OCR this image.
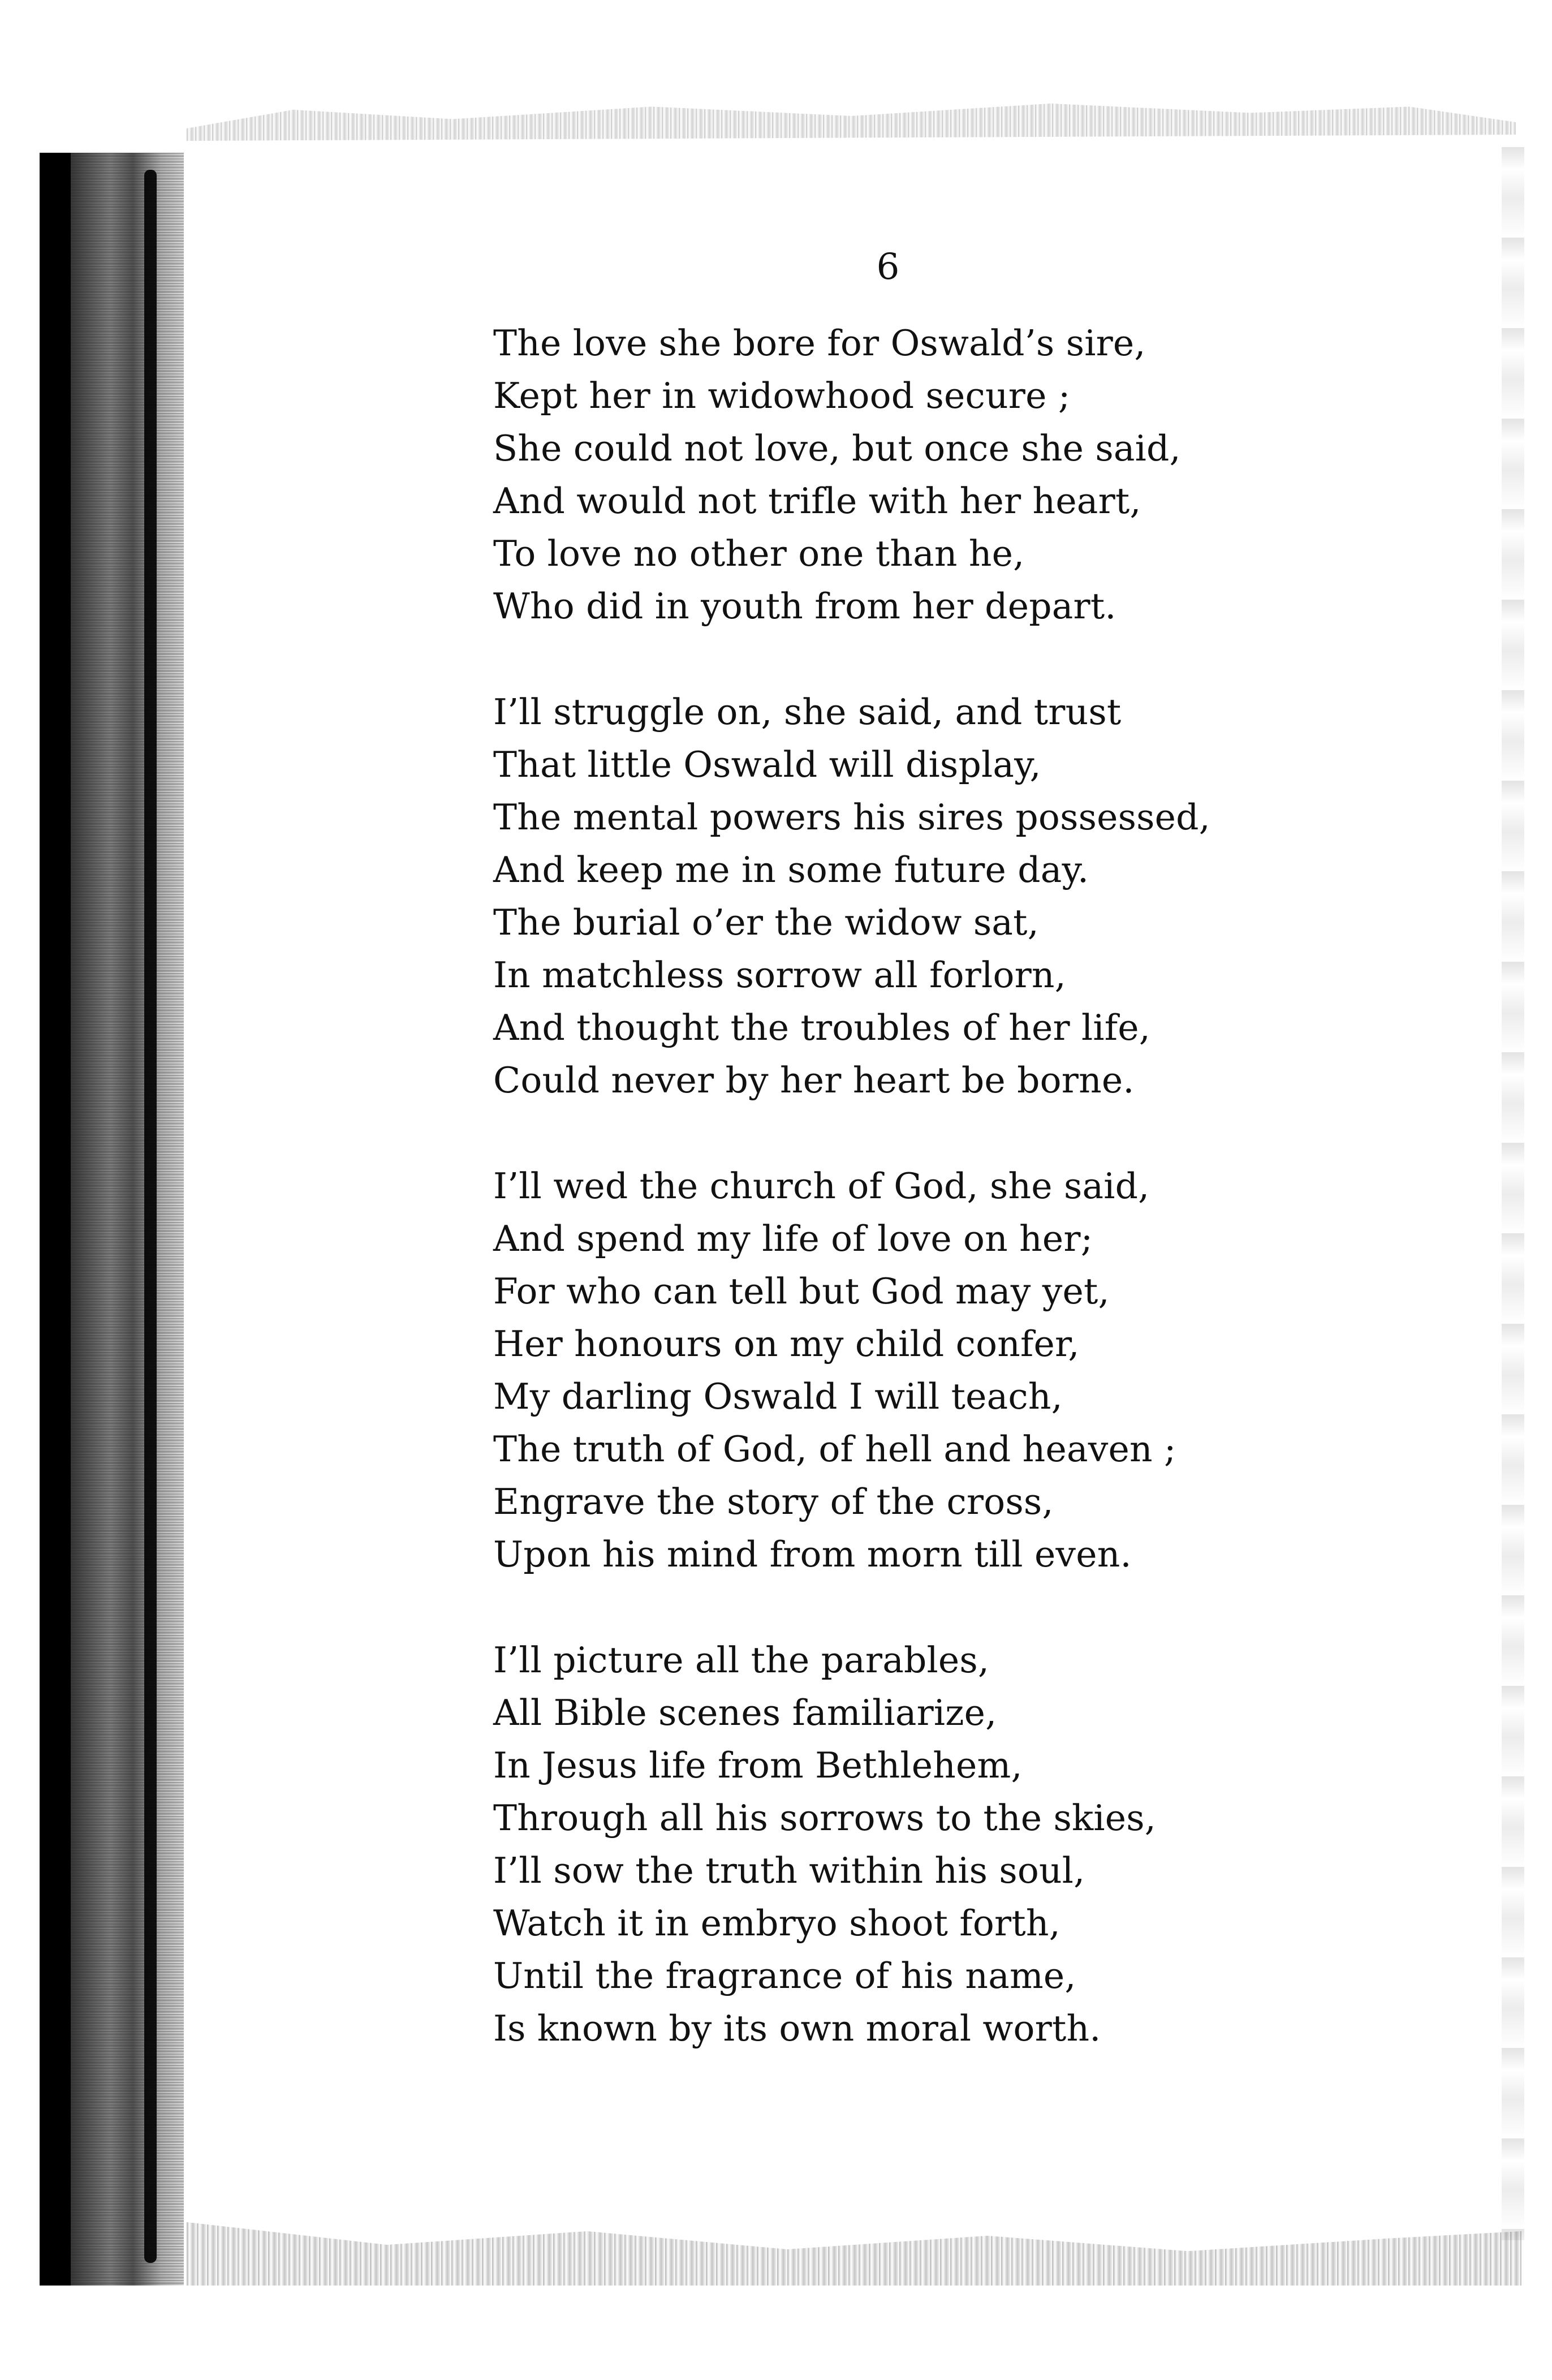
6
The love she bore for Oswald’s sire,
Kept her in widowhood secure ;
She could not love, but once she said,
And would not trifle with her heart,
To love no other one than he,
Who did in youth from her depart.
I’ll struggle on, she said, and trust
That little Oswald will display,
The mental powers his sires possessed,
And keep me in some future day.
The burial o’er the widow sat,
In matchless sorrow all forlorn,
And thought the troubles of her life,
Could never by her heart be borne.
I’ll wed the church of God, she said,
And spend my life of love on her;
For who can tell but God may yet,
Her honours on my child confer,
My darling Oswald I will teach,
The truth of God, of hell and heaven ;
Engrave the story of the cross,
Upon his mind from morn till even.
I’ll picture all the parables,
All Bible scenes familiarize,
In Jesus life from Bethlehem,
Through all his sorrows to the skies,
I’ll sow the truth within his soul,
Watch it in embryo shoot forth,
Until the fragrance of his name,
Is known by its own moral worth.
